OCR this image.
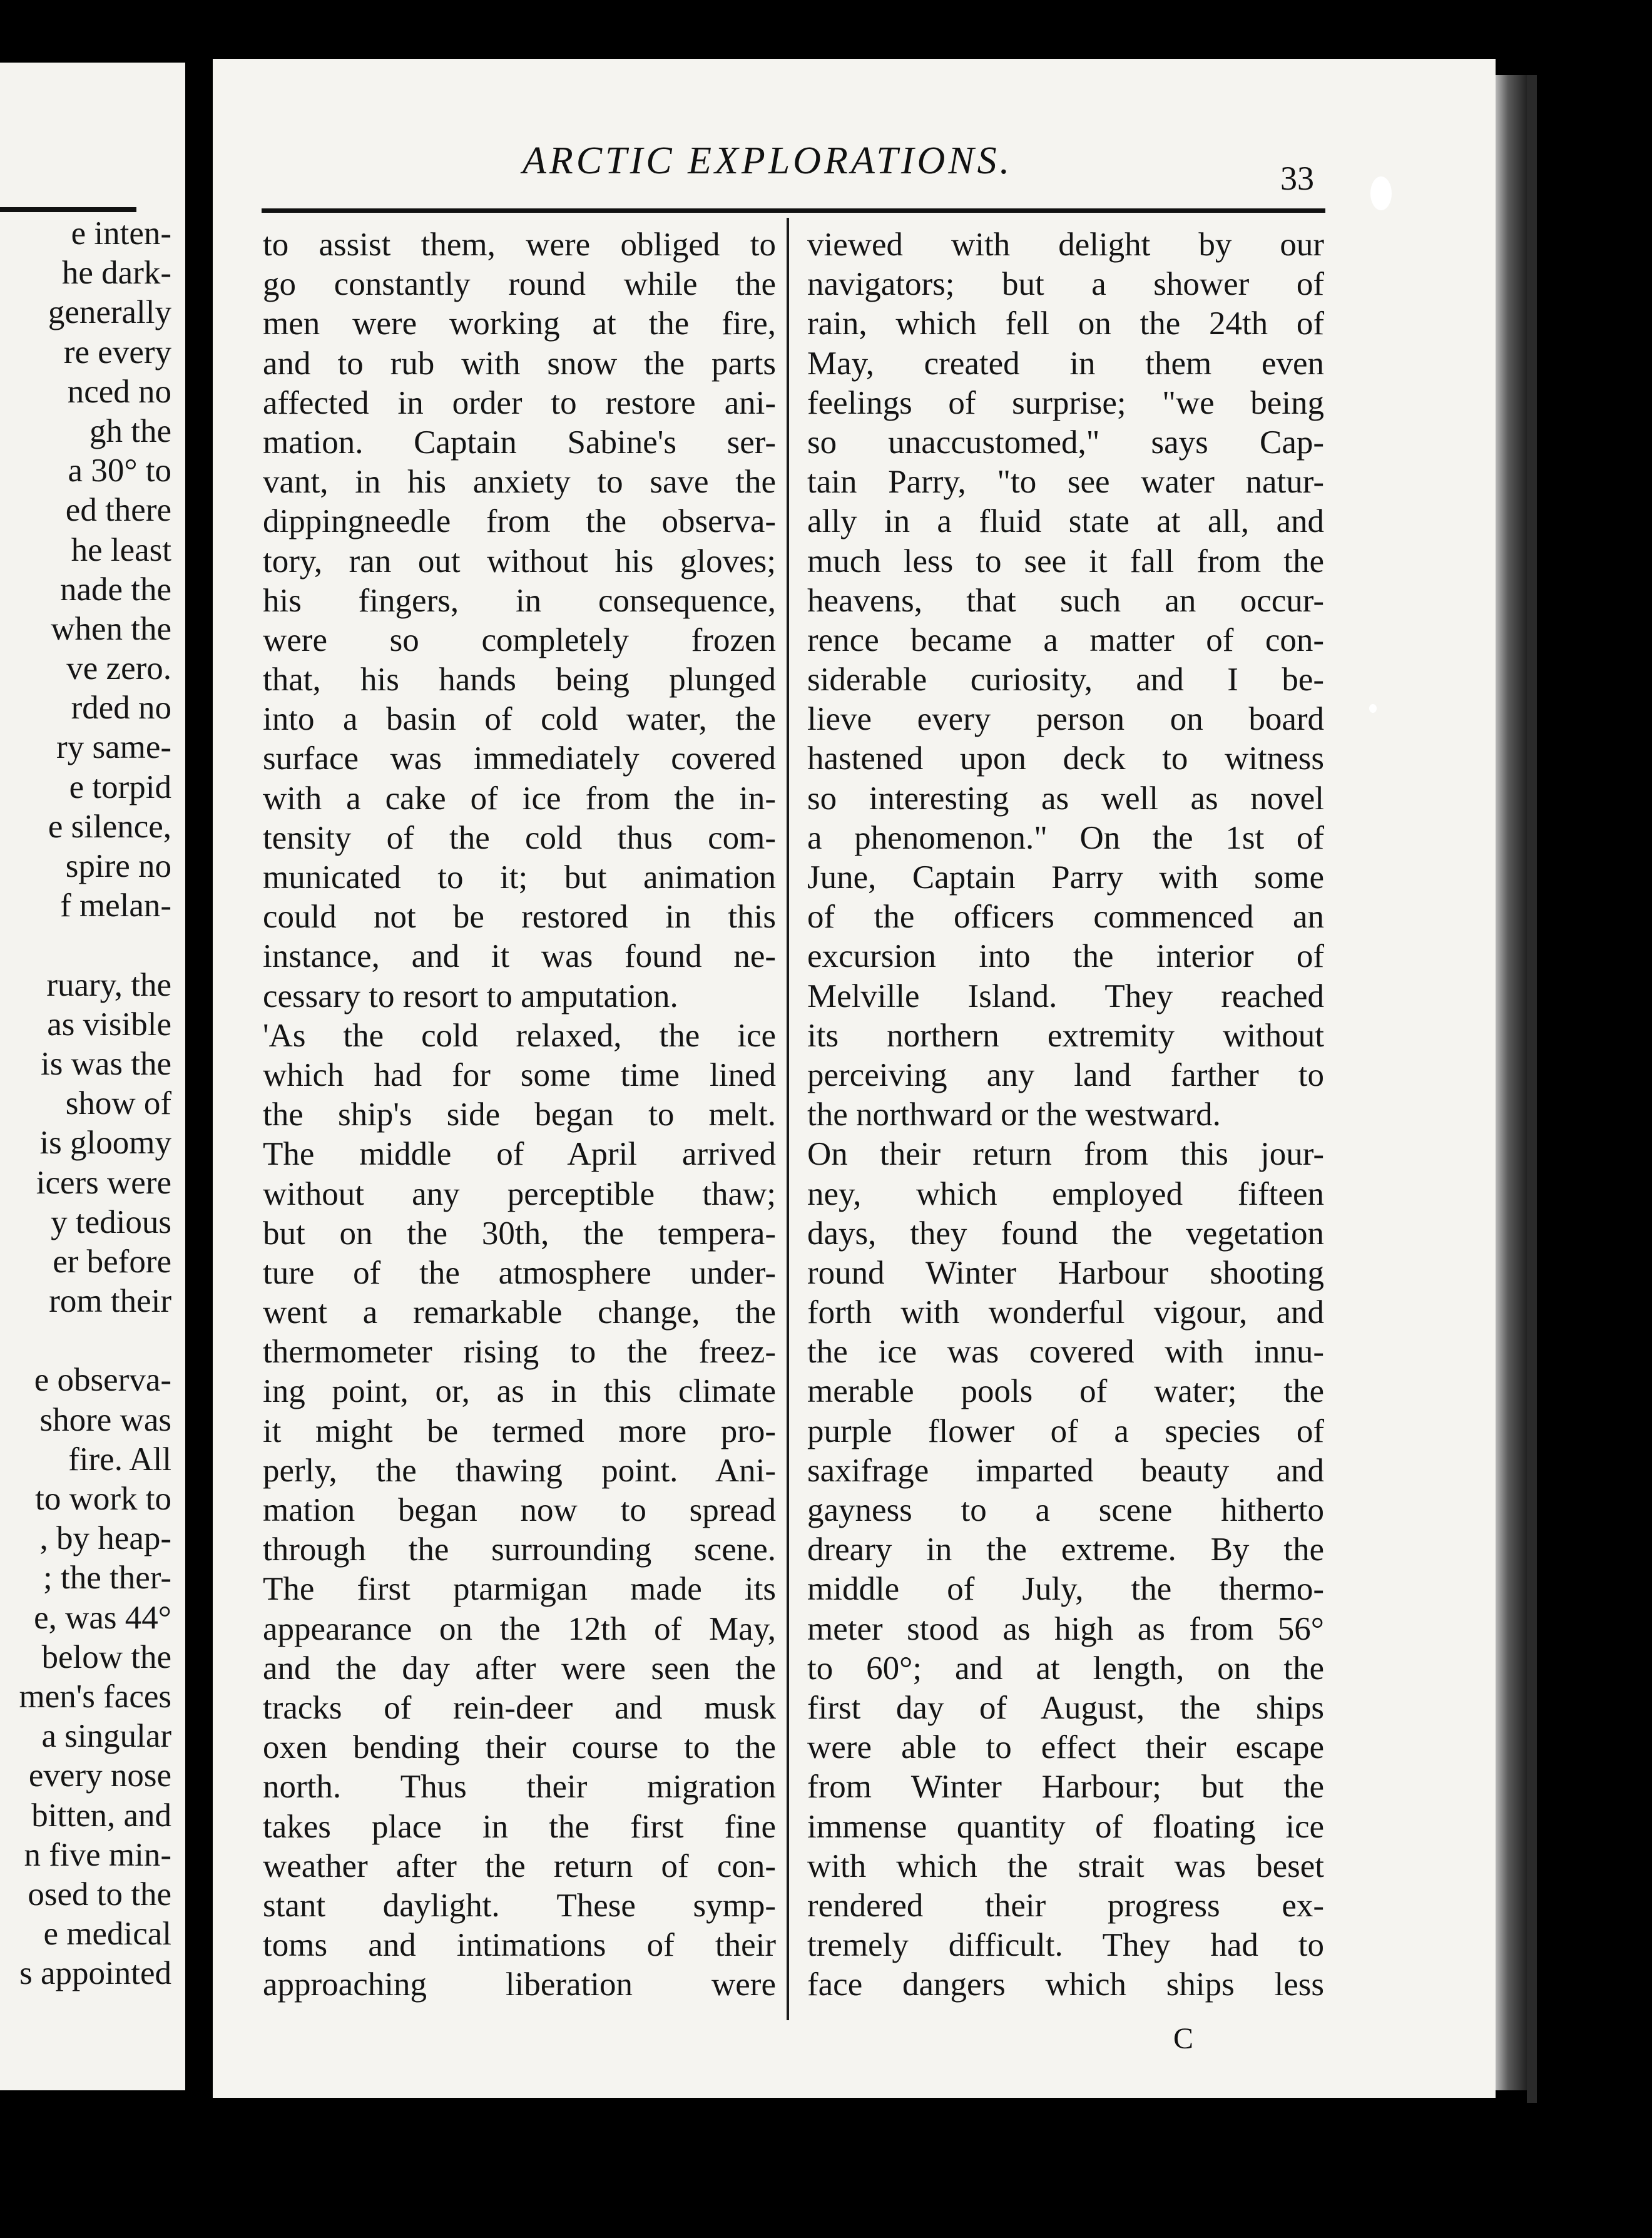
e inten-
he dark-
generally
re every
nced no
gh the
a 30° to
ed there
he least
nade the
when the
ve zero.
rded no
ry same-
e torpid
e silence,
spire no
f melan-
ruary, the
as visible
is was the
show of
is gloomy
icers were
y tedious
er before
rom their
e observa-
shore was
fire. All
to work to
, by heap-
; the ther-
e, was 44°
below the
men's faces
a singular
every nose
bitten, and
n five min-
osed to the
e medical
s appointed
ARCTIC EXPLORATIONS.	33
to assist them, were obliged to
go constantly round while the
men were working at the fire,
and to rub with snow the parts
affected in order to restore ani-
mation. Captain Sabine's ser-
vant, in his anxiety to save the
dippingneedle from the observa-
tory, ran out without his gloves;
his fingers, in consequence,
were so completely frozen
that, his hands being plunged
into a basin of cold water, the
surface was immediately covered
with a cake of ice from the in-
tensity of the cold thus com-
municated to it; but animation
could not be restored in this
instance, and it was found ne-
cessary to resort to amputation.
'As the cold relaxed, the ice
which had for some time lined
the ship's side began to melt.
The middle of April arrived
without any perceptible thaw;
but on the 30th, the tempera-
ture of the atmosphere under-
went a remarkable change, the
thermometer rising to the freez-
ing point, or, as in this climate
it might be termed more pro-
perly, the thawing point. Ani-
mation began now to spread
through the surrounding scene.
The first ptarmigan made its
appearance on the 12th of May,
and the day after were seen the
tracks of rein-deer and musk
oxen bending their course to the
north. Thus their migration
takes place in the first fine
weather after the return of con-
stant daylight. These symp-
toms and intimations of their
approaching liberation were
viewed with delight by our
navigators; but a shower of
rain, which fell on the 24th of
May, created in them even
feelings of surprise; "we being
so unaccustomed," says Cap-
tain Parry, "to see water natur-
ally in a fluid state at all, and
much less to see it fall from the
heavens, that such an occur-
rence became a matter of con-
siderable curiosity, and I be-
lieve every person on board
hastened upon deck to witness
so interesting as well as novel
a phenomenon." On the 1st of
June, Captain Parry with some
of the officers commenced an
excursion into the interior of
Melville Island. They reached
its northern extremity without
perceiving any land farther to
the northward or the westward.
On their return from this jour-
ney, which employed fifteen
days, they found the vegetation
round Winter Harbour shooting
forth with wonderful vigour, and
the ice was covered with innu-
merable pools of water; the
purple flower of a species of
saxifrage imparted beauty and
gayness to a scene hitherto
dreary in the extreme. By the
middle of July, the thermo-
meter stood as high as from 56°
to 60°; and at length, on the
first day of August, the ships
were able to effect their escape
from Winter Harbour; but the
immense quantity of floating ice
with which the strait was beset
rendered their progress ex-
tremely difficult. They had to
face dangers which ships less
C
